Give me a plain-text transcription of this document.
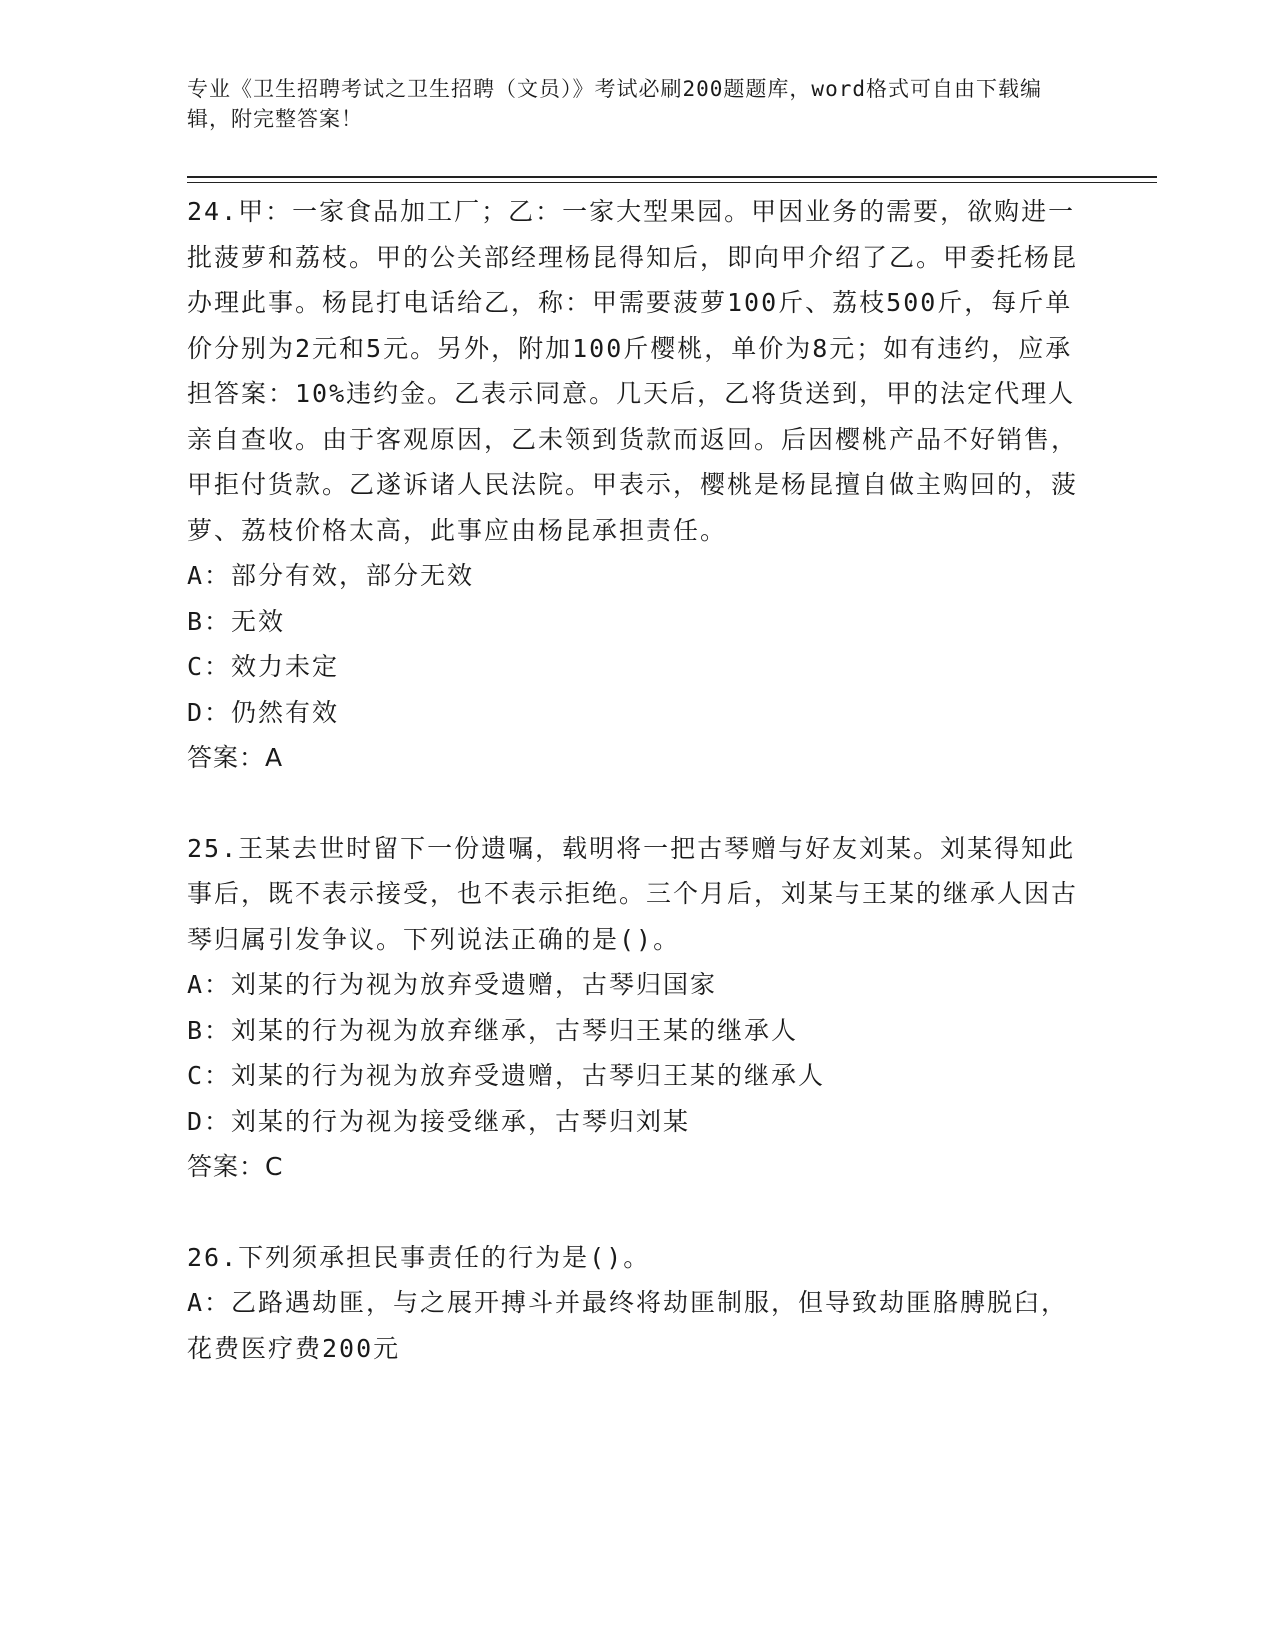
专业《卫生招聘考试之卫生招聘（文员）》考试必刷200题题库，word格式可自由下载编辑，附完整答案！
24.甲：一家食品加工厂；乙：一家大型果园。甲因业务的需要，欲购进一批菠萝和荔枝。甲的公关部经理杨昆得知后，即向甲介绍了乙。甲委托杨昆办理此事。杨昆打电话给乙，称：甲需要菠萝100斤、荔枝500斤，每斤单价分别为2元和5元。另外，附加100斤樱桃，单价为8元；如有违约，应承担答案：10%违约金。乙表示同意。几天后，乙将货送到，甲的法定代理人亲自查收。由于客观原因，乙未领到货款而返回。后因樱桃产品不好销售，甲拒付货款。乙遂诉诸人民法院。甲表示，樱桃是杨昆擅自做主购回的，菠萝、荔枝价格太高，此事应由杨昆承担责任。
A：部分有效，部分无效
B：无效
C：效力未定
D：仍然有效
答案：A
25.王某去世时留下一份遗嘱，载明将一把古琴赠与好友刘某。刘某得知此事后，既不表示接受，也不表示拒绝。三个月后，刘某与王某的继承人因古琴归属引发争议。下列说法正确的是()。
A：刘某的行为视为放弃受遗赠，古琴归国家
B：刘某的行为视为放弃继承，古琴归王某的继承人
C：刘某的行为视为放弃受遗赠，古琴归王某的继承人
D：刘某的行为视为接受继承，古琴归刘某
答案：C
26.下列须承担民事责任的行为是()。
A：乙路遇劫匪，与之展开搏斗并最终将劫匪制服，但导致劫匪胳膊脱臼，花费医疗费200元
